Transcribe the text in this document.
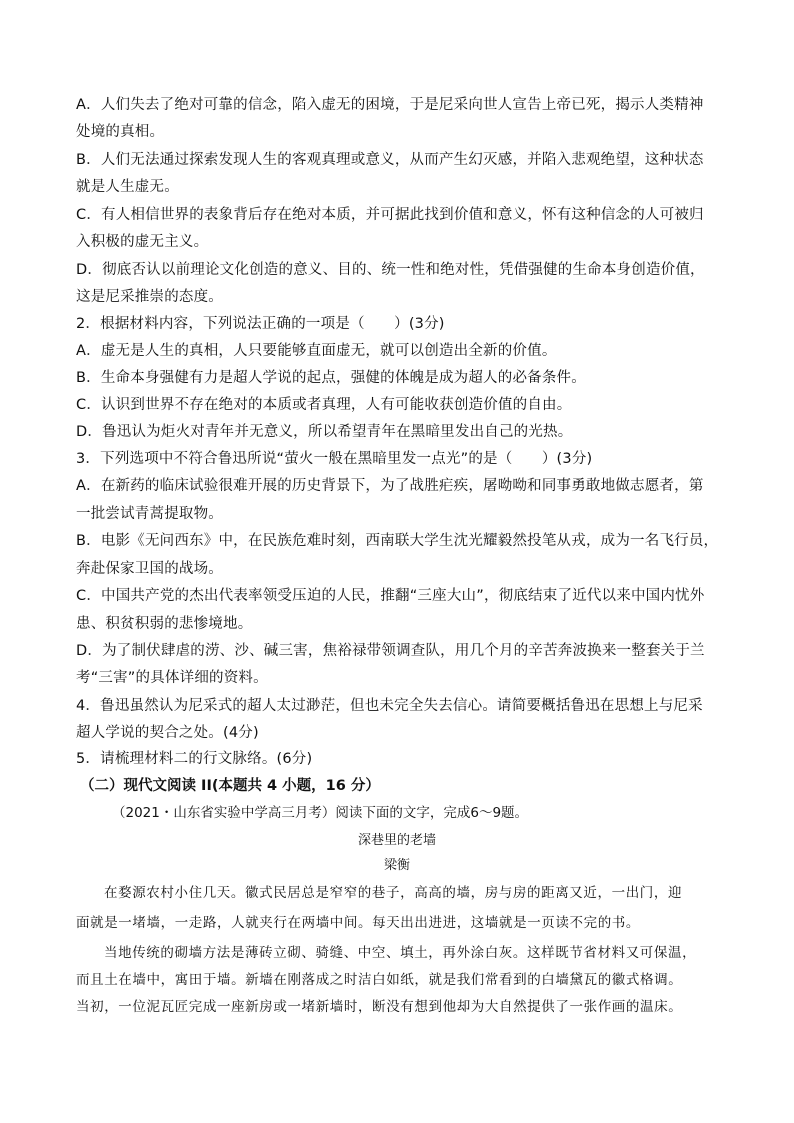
A．人们失去了绝对可靠的信念，陷入虚无的困境，于是尼采向世人宣告上帝已死，揭示人类精神
处境的真相。
B．人们无法通过探索发现人生的客观真理或意义，从而产生幻灭感，并陷入悲观绝望，这种状态
就是人生虚无。
C．有人相信世界的表象背后存在绝对本质，并可据此找到价值和意义，怀有这种信念的人可被归
入积极的虚无主义。
D．彻底否认以前理论文化创造的意义、目的、统一性和绝对性，凭借强健的生命本身创造价值，
这是尼采推崇的态度。
2．根据材料内容，下列说法正确的一项是（　　）(3分)
A．虚无是人生的真相，人只要能够直面虚无，就可以创造出全新的价值。
B．生命本身强健有力是超人学说的起点，强健的体魄是成为超人的必备条件。
C．认识到世界不存在绝对的本质或者真理，人有可能收获创造价值的自由。
D．鲁迅认为炬火对青年并无意义，所以希望青年在黑暗里发出自己的光热。
3．下列选项中不符合鲁迅所说“萤火一般在黑暗里发一点光”的是（　　）(3分)
A．在新药的临床试验很难开展的历史背景下，为了战胜疟疾，屠呦呦和同事勇敢地做志愿者，第
一批尝试青蒿提取物。
B．电影《无问西东》中，在民族危难时刻，西南联大学生沈光耀毅然投笔从戎，成为一名飞行员，
奔赴保家卫国的战场。
C．中国共产党的杰出代表率领受压迫的人民，推翻“三座大山”，彻底结束了近代以来中国内忧外
患、积贫积弱的悲惨境地。
D．为了制伏肆虐的涝、沙、碱三害，焦裕禄带领调查队，用几个月的辛苦奔波换来一整套关于兰
考“三害”的具体详细的资料。
4．鲁迅虽然认为尼采式的超人太过渺茫，但也未完全失去信心。请简要概括鲁迅在思想上与尼采
超人学说的契合之处。(4分)
5．请梳理材料二的行文脉络。(6分)
（二）现代文阅读 II(本题共 4 小题，16 分）
（2021・山东省实验中学高三月考）阅读下面的文字，完成6～9题。
深巷里的老墙
梁衡
在婺源农村小住几天。徽式民居总是窄窄的巷子，高高的墙，房与房的距离又近，一出门，迎
面就是一堵墙，一走路，人就夹行在两墙中间。每天出出进进，这墙就是一页读不完的书。
当地传统的砌墙方法是薄砖立砌、骑缝、中空、填土，再外涂白灰。这样既节省材料又可保温，
而且土在墙中，寓田于墙。新墙在刚落成之时洁白如纸，就是我们常看到的白墙黛瓦的徽式格调。
当初，一位泥瓦匠完成一座新房或一堵新墙时，断没有想到他却为大自然提供了一张作画的温床。
